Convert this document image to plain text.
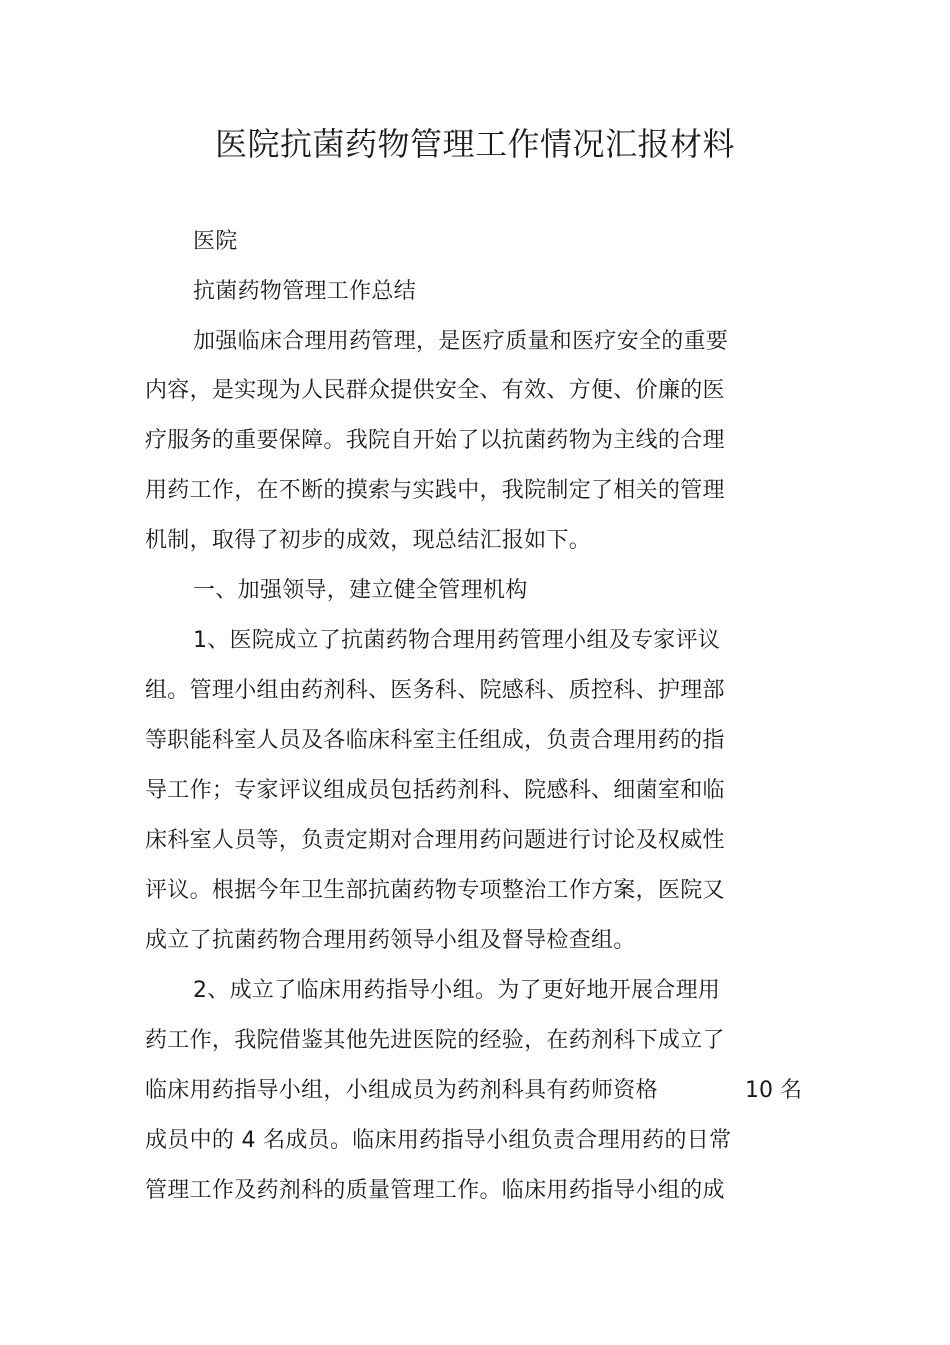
医院抗菌药物管理工作情况汇报材料
医院
抗菌药物管理工作总结
加强临床合理用药管理，是医疗质量和医疗安全的重要
内容，是实现为人民群众提供安全、有效、方便、价廉的医
疗服务的重要保障。我院自开始了以抗菌药物为主线的合理
用药工作，在不断的摸索与实践中，我院制定了相关的管理
机制，取得了初步的成效，现总结汇报如下。
一、加强领导，建立健全管理机构
1、医院成立了抗菌药物合理用药管理小组及专家评议
组。管理小组由药剂科、医务科、院感科、质控科、护理部
等职能科室人员及各临床科室主任组成，负责合理用药的指
导工作；专家评议组成员包括药剂科、院感科、细菌室和临
床科室人员等，负责定期对合理用药问题进行讨论及权威性
评议。根据今年卫生部抗菌药物专项整治工作方案，医院又
成立了抗菌药物合理用药领导小组及督导检查组。
2、成立了临床用药指导小组。为了更好地开展合理用
药工作，我院借鉴其他先进医院的经验，在药剂科下成立了
临床用药指导小组，小组成员为药剂科具有药师资格	10 名
成员中的 4 名成员。临床用药指导小组负责合理用药的日常
管理工作及药剂科的质量管理工作。临床用药指导小组的成
